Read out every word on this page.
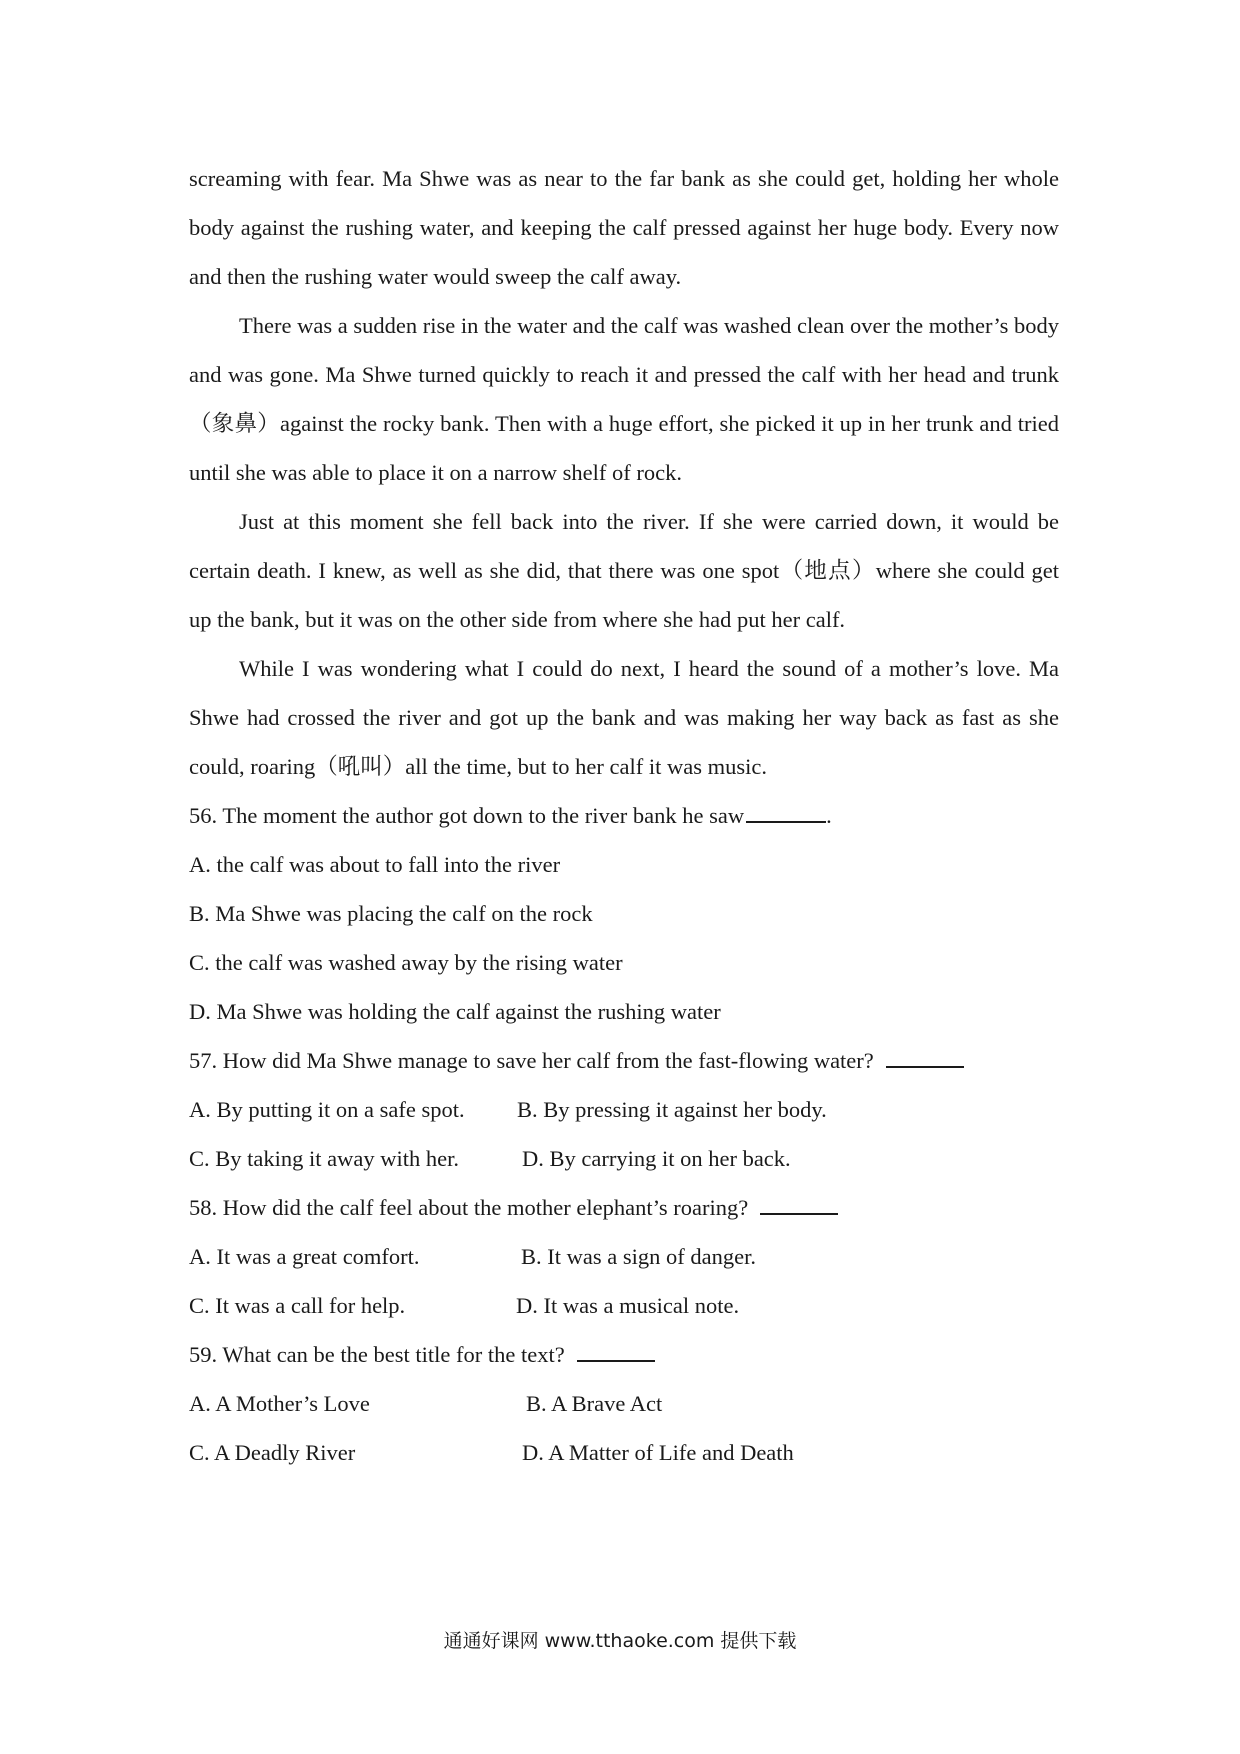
screaming with fear. Ma Shwe was as near to the far bank as she could get, holding her whole body against the rushing water, and keeping the calf pressed against her huge body. Every now and then the rushing water would sweep the calf away.

There was a sudden rise in the water and the calf was washed clean over the mother’s body and was gone. Ma Shwe turned quickly to reach it and pressed the calf with her head and trunk（象鼻）against the rocky bank. Then with a huge effort, she picked it up in her trunk and tried until she was able to place it on a narrow shelf of rock.

Just at this moment she fell back into the river. If she were carried down, it would be certain death. I knew, as well as she did, that there was one spot（地点）where she could get up the bank, but it was on the other side from where she had put her calf.

While I was wondering what I could do next, I heard the sound of a mother’s love. Ma Shwe had crossed the river and got up the bank and was making her way back as fast as she could, roaring（吼叫）all the time, but to her calf it was music.

56. The moment the author got down to the river bank he saw	.

A. the calf was about to fall into the river

B. Ma Shwe was placing the calf on the rock

C. the calf was washed away by the rising water

D. Ma Shwe was holding the calf against the rushing water

57. How did Ma Shwe manage to save her calf from the fast-flowing water?

A. By putting it on a safe spot.	B. By pressing it against her body.
C. By taking it away with her.	D. By carrying it on her back.

58. How did the calf feel about the mother elephant’s roaring?

A. It was a great comfort.	B. It was a sign of danger.
C. It was a call for help.	D. It was a musical note.

59. What can be the best title for the text?

A. A Mother’s Love	B. A Brave Act
C. A Deadly River	D. A Matter of Life and Death
通通好课网 www.tthaoke.com 提供下载
